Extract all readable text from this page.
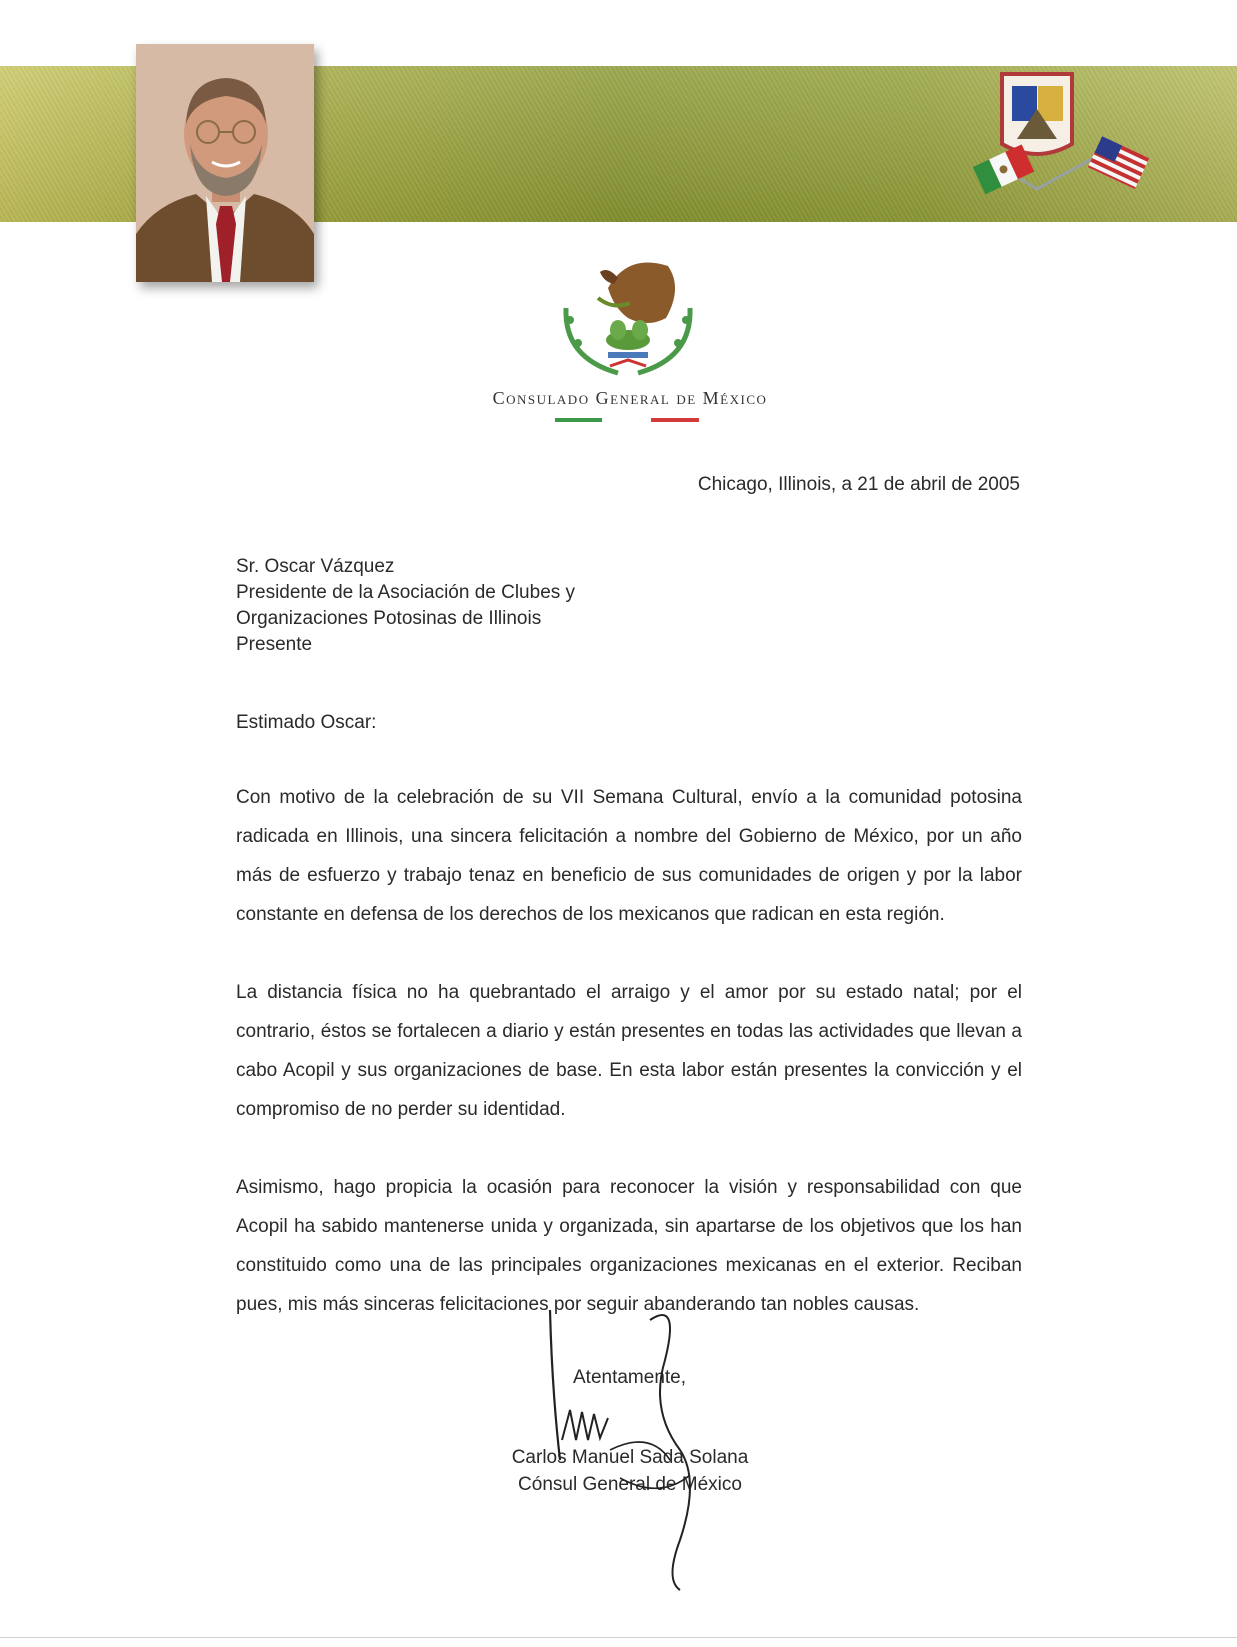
Consulado General de México
Chicago, Illinois, a 21 de abril de 2005
Sr. Oscar Vázquez
Presidente de la Asociación de Clubes y
Organizaciones Potosinas de Illinois
Presente
Estimado Oscar:

Con motivo de la celebración de su VII Semana Cultural, envío a la comunidad potosina radicada en Illinois, una sincera felicitación a nombre del Gobierno de México, por un año más de esfuerzo y trabajo tenaz en beneficio de sus comunidades de origen y por la labor constante en defensa de los derechos de los mexicanos que radican en esta región.

La distancia física no ha quebrantado el arraigo y el amor por su estado natal; por el contrario, éstos se fortalecen a diario y están presentes en todas las actividades que llevan a cabo Acopil y sus organizaciones de base. En esta labor están presentes la convicción y el compromiso de no perder su identidad.

Asimismo, hago propicia la ocasión para reconocer la visión y responsabilidad con que Acopil ha sabido mantenerse unida y organizada, sin apartarse de los objetivos que los han constituido como una de las principales organizaciones mexicanas en el exterior. Reciban pues, mis más sinceras felicitaciones por seguir abanderando tan nobles causas.

Atentamente,
Carlos Manuel Sada Solana
Cónsul General de México
